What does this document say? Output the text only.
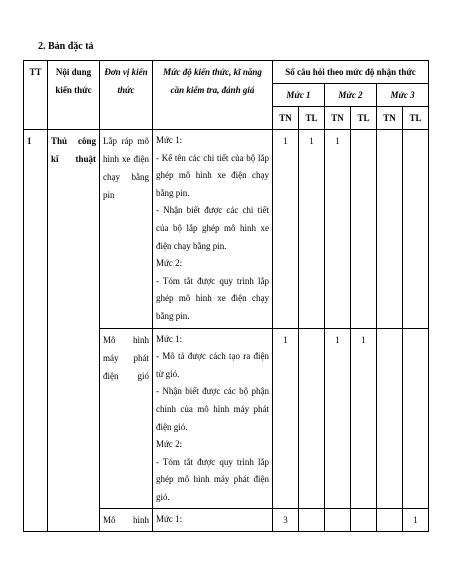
2. Bản đặc tả
TT	Nội dung kiến thức	Đơn vị kiến thức	Mức độ kiến thức, kĩ năng cần kiểm tra, đánh giá	Số câu hỏi theo mức độ nhận thức					
				Mức 1		Mức 2		Mức 3	
				TN	TL	TN	TL	TN	TL
1	Thủ công kĩ thuật	Lắp ráp mô hình xe điện chạy bằng pin	Mức 1:

- Kể tên các chi tiết của bộ lắp ghép mô hình xe điện chạy bằng pin.

- Nhận biết được các chi tiết của bộ lắp ghép mô hình xe điện chạy bằng pin.

Mức 2:

- Tóm tắt được quy trình lắp ghép mô hình xe điện chạy bằng pin.	1	1	1			
		Mô hình máy phát điện gió	Mức 1:

- Mô tả được cách tạo ra điện từ gió.

- Nhận biết được các bộ phận chính của mô hình máy phát điện gió.

Mức 2:

- Tóm tắt được quy trình lắp ghép mô hình máy phát điện gió.	1		1	1		
		Mô hình	Mức 1:	3					1
